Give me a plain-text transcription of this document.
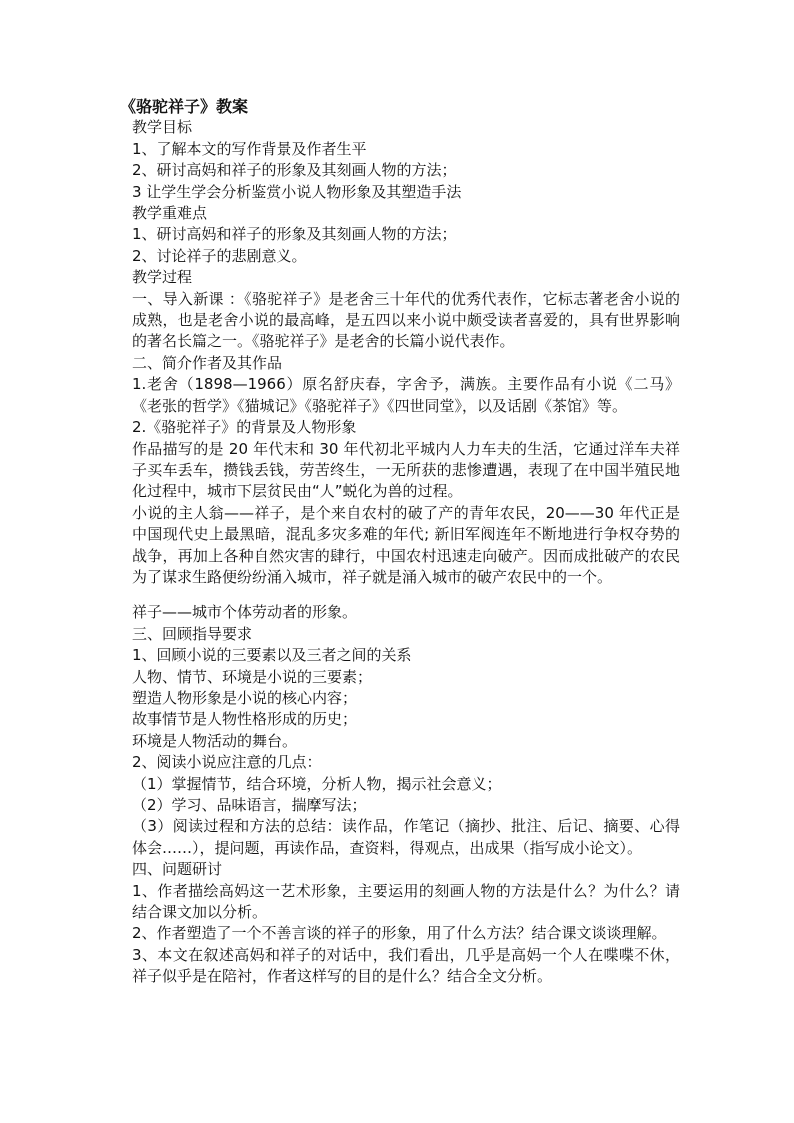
《骆驼祥子》教案

教学目标

1、了解本文的写作背景及作者生平

2、研讨高妈和祥子的形象及其刻画人物的方法；

3 让学生学会分析鉴赏小说人物形象及其塑造手法

教学重难点

1、研讨高妈和祥子的形象及其刻画人物的方法；

2、讨论祥子的悲剧意义。

教学过程

一、导入新课 ：《骆驼祥子》是老舍三十年代的优秀代表作，它标志著老舍小说的成熟，也是老舍小说的最高峰，是五四以来小说中颇受读者喜爱的，具有世界影响的著名长篇之一。《骆驼祥子》是老舍的长篇小说代表作。

二、简介作者及其作品

1.老舍（1898—1966）原名舒庆春，字舍予，满族。主要作品有小说《二马》《老张的哲学》《猫城记》《骆驼祥子》《四世同堂》，以及话剧《茶馆》等。

2.《骆驼祥子》的背景及人物形象

作品描写的是 20 年代末和 30 年代初北平城内人力车夫的生活，它通过洋车夫祥子买车丢车，攒钱丢钱，劳苦终生，一无所获的悲惨遭遇，表现了在中国半殖民地化过程中，城市下层贫民由“人”蜕化为兽的过程。

小说的主人翁——祥子，是个来自农村的破了产的青年农民，20——30 年代正是中国现代史上最黑暗，混乱多灾多难的年代; 新旧军阀连年不断地进行争权夺势的战争，再加上各种自然灾害的肆行，中国农村迅速走向破产。因而成批破产的农民为了谋求生路便纷纷涌入城市，祥子就是涌入城市的破产农民中的一个。

祥子——城市个体劳动者的形象。

三、回顾指导要求

1、回顾小说的三要素以及三者之间的关系

人物、情节、环境是小说的三要素；

塑造人物形象是小说的核心内容；

故事情节是人物性格形成的历史；

环境是人物活动的舞台。

2、阅读小说应注意的几点：

（1）掌握情节，结合环境，分析人物，揭示社会意义；

（2）学习、品味语言，揣摩写法；

（3）阅读过程和方法的总结：读作品，作笔记（摘抄、批注、后记、摘要、心得体会……），提问题，再读作品，查资料，得观点，出成果（指写成小论文）。

四、问题研讨

1、作者描绘高妈这一艺术形象，主要运用的刻画人物的方法是什么？为什么？请结合课文加以分析。

2、作者塑造了一个不善言谈的祥子的形象，用了什么方法？结合课文谈谈理解。

3、本文在叙述高妈和祥子的对话中，我们看出，几乎是高妈一个人在喋喋不休，祥子似乎是在陪衬，作者这样写的目的是什么？结合全文分析。
